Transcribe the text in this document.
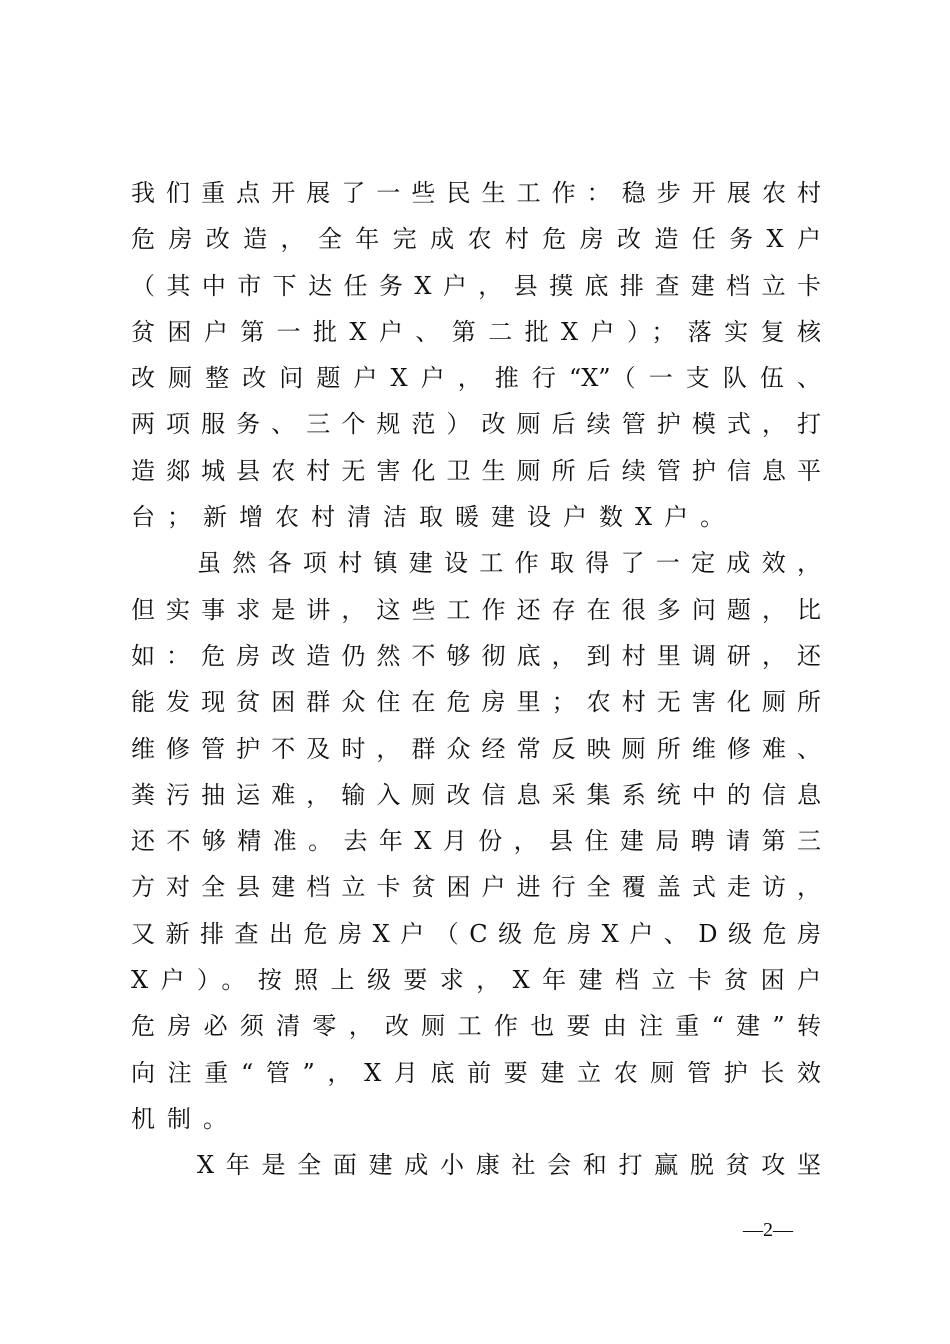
我们重点开展了一些民生工作：稳步开展农村
危房改造，全年完成农村危房改造任务X户
（其中市下达任务X户，县摸底排查建档立卡
贫困户第一批X户、第二批X户）；落实复核
改厕整改问题户X户，推行“X”（一支队伍、
两项服务、三个规范）改厕后续管护模式，打
造郯城县农村无害化卫生厕所后续管护信息平
台；新增农村清洁取暖建设户数X户。
虽然各项村镇建设工作取得了一定成效，
但实事求是讲，这些工作还存在很多问题，比
如：危房改造仍然不够彻底，到村里调研，还
能发现贫困群众住在危房里；农村无害化厕所
维修管护不及时，群众经常反映厕所维修难、
粪污抽运难，输入厕改信息采集系统中的信息
还不够精准。去年X月份，县住建局聘请第三
方对全县建档立卡贫困户进行全覆盖式走访，
又新排查出危房X户（C级危房X户、D级危房
X户）。按照上级要求，X年建档立卡贫困户
危房必须清零，改厕工作也要由注重“建”转
向注重“管”，X月底前要建立农厕管护长效
机制。
X年是全面建成小康社会和打赢脱贫攻坚
—2—
